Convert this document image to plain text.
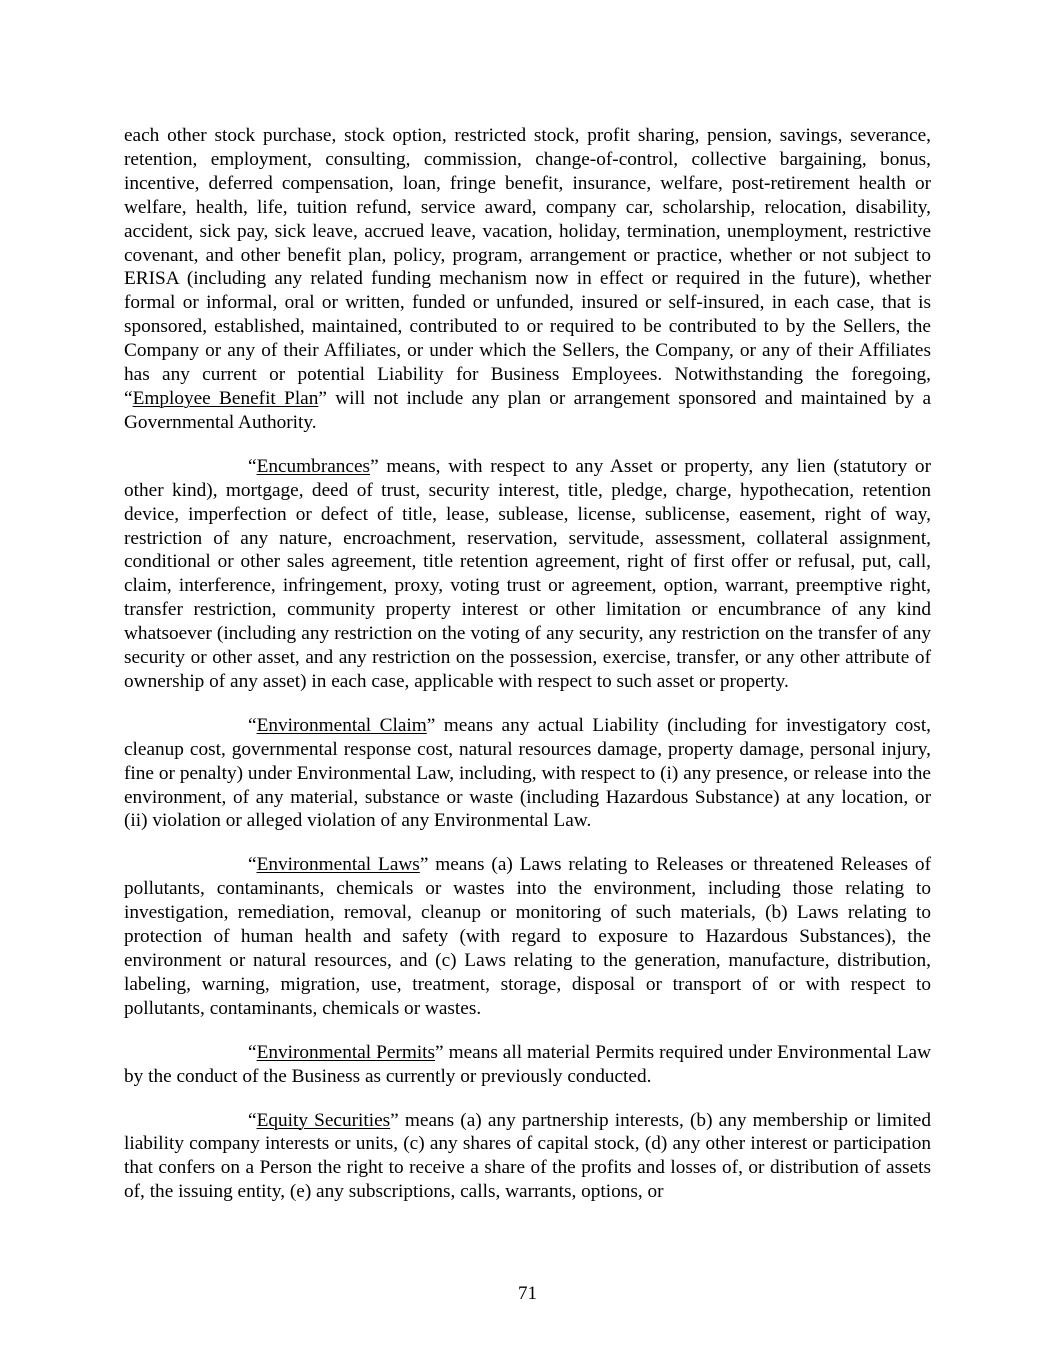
each other stock purchase, stock option, restricted stock, profit sharing, pension, savings, severance, retention, employment, consulting, commission, change-of-control, collective bargaining, bonus, incentive, deferred compensation, loan, fringe benefit, insurance, welfare, post-retirement health or welfare, health, life, tuition refund, service award, company car, scholarship, relocation, disability, accident, sick pay, sick leave, accrued leave, vacation, holiday, termination, unemployment, restrictive covenant, and other benefit plan, policy, program, arrangement or practice, whether or not subject to ERISA (including any related funding mechanism now in effect or required in the future), whether formal or informal, oral or written, funded or unfunded, insured or self-insured, in each case, that is sponsored, established, maintained, contributed to or required to be contributed to by the Sellers, the Company or any of their Affiliates, or under which the Sellers, the Company, or any of their Affiliates has any current or potential Liability for Business Employees. Notwithstanding the foregoing, “Employee Benefit Plan” will not include any plan or arrangement sponsored and maintained by a Governmental Authority.

“Encumbrances” means, with respect to any Asset or property, any lien (statutory or other kind), mortgage, deed of trust, security interest, title, pledge, charge, hypothecation, retention device, imperfection or defect of title, lease, sublease, license, sublicense, easement, right of way, restriction of any nature, encroachment, reservation, servitude, assessment, collateral assignment, conditional or other sales agreement, title retention agreement, right of first offer or refusal, put, call, claim, interference, infringement, proxy, voting trust or agreement, option, warrant, preemptive right, transfer restriction, community property interest or other limitation or encumbrance of any kind whatsoever (including any restriction on the voting of any security, any restriction on the transfer of any security or other asset, and any restriction on the possession, exercise, transfer, or any other attribute of ownership of any asset) in each case, applicable with respect to such asset or property.

“Environmental Claim” means any actual Liability (including for investigatory cost, cleanup cost, governmental response cost, natural resources damage, property damage, personal injury, fine or penalty) under Environmental Law, including, with respect to (i) any presence, or release into the environment, of any material, substance or waste (including Hazardous Substance) at any location, or (ii) violation or alleged violation of any Environmental Law.

“Environmental Laws” means (a) Laws relating to Releases or threatened Releases of pollutants, contaminants, chemicals or wastes into the environment, including those relating to investigation, remediation, removal, cleanup or monitoring of such materials, (b) Laws relating to protection of human health and safety (with regard to exposure to Hazardous Substances), the environment or natural resources, and (c) Laws relating to the generation, manufacture, distribution, labeling, warning, migration, use, treatment, storage, disposal or transport of or with respect to pollutants, contaminants, chemicals or wastes.

“Environmental Permits” means all material Permits required under Environmental Law by the conduct of the Business as currently or previously conducted.

“Equity Securities” means (a) any partnership interests, (b) any membership or limited liability company interests or units, (c) any shares of capital stock, (d) any other interest or participation that confers on a Person the right to receive a share of the profits and losses of, or distribution of assets of, the issuing entity, (e) any subscriptions, calls, warrants, options, or

71
